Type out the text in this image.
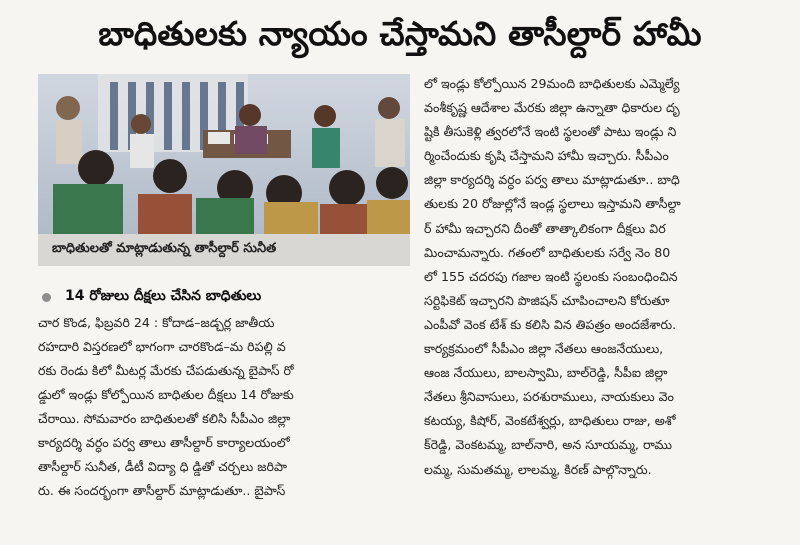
బాధితులకు న్యాయం చేస్తామని తాసీల్దార్ హామీ
బాధితులతో మాట్లాడుతున్న తాసీల్దార్ సునీత
14 రోజులు దీక్షలు చేసిన బాధితులు
చార కొండ, ఫిబ్రవరి 24 : కోదాడ–జడ్చర్ల జాతీయ
రహదారి విస్తరణలో భాగంగా చారకొండ–మ రిపల్లి వ
రకు రెండు కిలో మీటర్ల మేరకు చేపడుతున్న బైపాస్ రో
డ్డులో ఇండ్లు కోల్పోయిన బాధితుల దీక్షలు 14 రోజుకు
చేరాయి. సోమవారం బాధితులతో కలిసి సీపీఎం జిల్లా
కార్యదర్శి వర్ధం పర్వ తాలు తాసీల్దార్ కార్యాలయంలో
తాసీల్దార్ సునీత, డీటీ విద్యా ధి డ్డితో చర్చలు జరిపా
రు. ఈ సందర్భంగా తాసీల్దార్ మాట్లాడుతూ.. బైపాస్
లో ఇండ్లు కోల్పోయిన 29మంది బాధితులకు ఎమ్మెల్యే
వంశీకృష్ణ ఆదేశాల మేరకు జిల్లా ఉన్నాతా ధికారుల దృ
ష్టికి తీసుకెళ్లి త్వరలోనే ఇంటి స్థలంతో పాటు ఇండ్లు ని
ర్మించేందుకు కృషి చేస్తామని హామీ ఇచ్చారు. సీపీఎం
జిల్లా కార్యదర్శి వర్ధం పర్వ తాలు మాట్లాడుతూ.. బాధి
తులకు 20 రోజుల్లోనే ఇండ్ల స్థలాలు ఇస్తామని తాసీల్దా
ర్ హామీ ఇచ్చారని దీంతో తాత్కాలికంగా దీక్షలు విర
మించామన్నారు. గతంలో బాధితులకు సర్వే నెం 80
లో 155 చదరపు గజాల ఇంటి స్థలంకు సంబంధించిన
సర్టిఫికెట్ ఇచ్చారని పొజిషన్ చూపించాలని కోరుతూ
ఎంపీవో వెంక టేశ్ కు కలిసి విన తిపత్రం అందజేశారు.
కార్యక్రమంలో సీపీఎం జిల్లా నేతలు ఆంజనేయులు,
ఆంజ నేయులు, బాలస్వామి, బాల్‌రెడ్డి, సీపీఐ జిల్లా
నేతలు శ్రీనివాసులు, పరశురాములు, నాయకులు వెం
కటయ్య, కిషోర్, వెంకటేశ్వర్లు, బాధితులు రాజు, అశో
క్‌రెడ్డి, వెంకటమ్మ, బాల్‌నారి, అన సూయమ్మ, రాము
లమ్మ, సుమతమ్మ, లాలమ్మ, కిరణ్ పాల్గొన్నారు.
